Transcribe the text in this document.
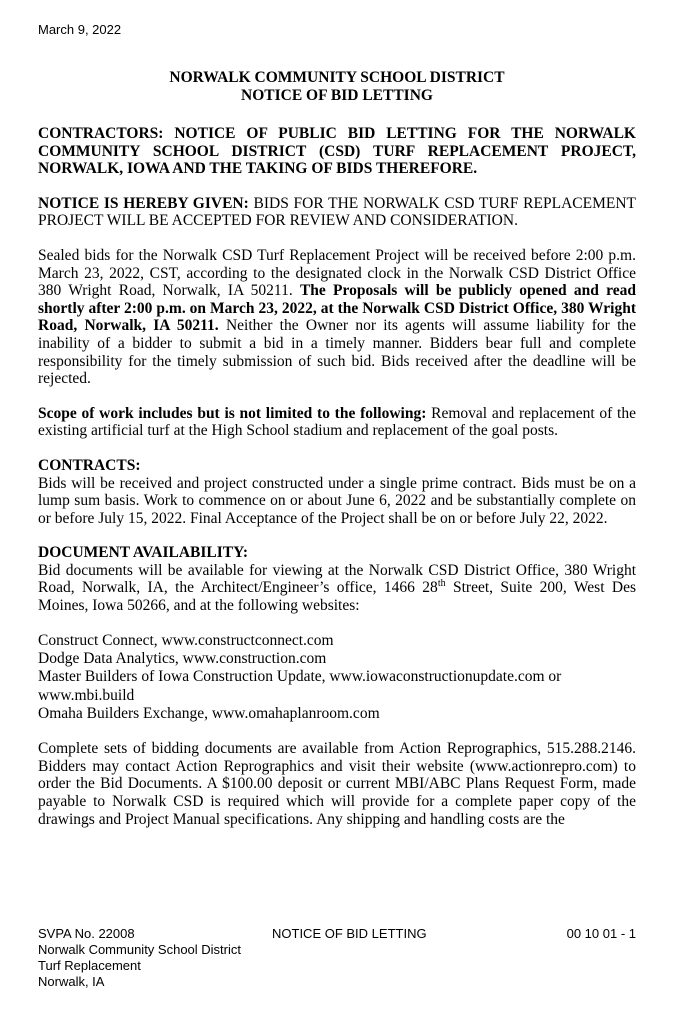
March 9, 2022
NORWALK COMMUNITY SCHOOL DISTRICT
NOTICE OF BID LETTING

CONTRACTORS: NOTICE OF PUBLIC BID LETTING FOR THE NORWALK COMMUNITY SCHOOL DISTRICT (CSD) TURF REPLACEMENT PROJECT, NORWALK, IOWA AND THE TAKING OF BIDS THEREFORE.

NOTICE IS HEREBY GIVEN: BIDS FOR THE NORWALK CSD TURF REPLACEMENT PROJECT WILL BE ACCEPTED FOR REVIEW AND CONSIDERATION.

Sealed bids for the Norwalk CSD Turf Replacement Project will be received before 2:00 p.m. March 23, 2022, CST, according to the designated clock in the Norwalk CSD District Office 380 Wright Road, Norwalk, IA 50211. The Proposals will be publicly opened and read shortly after 2:00 p.m. on March 23, 2022, at the Norwalk CSD District Office, 380 Wright Road, Norwalk, IA 50211. Neither the Owner nor its agents will assume liability for the inability of a bidder to submit a bid in a timely manner. Bidders bear full and complete responsibility for the timely submission of such bid. Bids received after the deadline will be rejected.

Scope of work includes but is not limited to the following: Removal and replacement of the existing artificial turf at the High School stadium and replacement of the goal posts.

CONTRACTS:
Bids will be received and project constructed under a single prime contract. Bids must be on a lump sum basis. Work to commence on or about June 6, 2022 and be substantially complete on or before July 15, 2022. Final Acceptance of the Project shall be on or before July 22, 2022.

DOCUMENT AVAILABILITY:
Bid documents will be available for viewing at the Norwalk CSD District Office, 380 Wright Road, Norwalk, IA, the Architect/Engineer’s office, 1466 28th Street, Suite 200, West Des Moines, Iowa 50266, and at the following websites:

Construct Connect, www.constructconnect.com
Dodge Data Analytics, www.construction.com
Master Builders of Iowa Construction Update, www.iowaconstructionupdate.com or
www.mbi.build
Omaha Builders Exchange, www.omahaplanroom.com

Complete sets of bidding documents are available from Action Reprographics, 515.288.2146. Bidders may contact Action Reprographics and visit their website (www.actionrepro.com) to order the Bid Documents. A $100.00 deposit or current MBI/ABC Plans Request Form, made payable to Norwalk CSD is required which will provide for a complete paper copy of the drawings and Project Manual specifications. Any shipping and handling costs are the

SVPA No. 22008
Norwalk Community School District
Turf Replacement
Norwalk, IA
NOTICE OF BID LETTING	00 10 01 - 1
